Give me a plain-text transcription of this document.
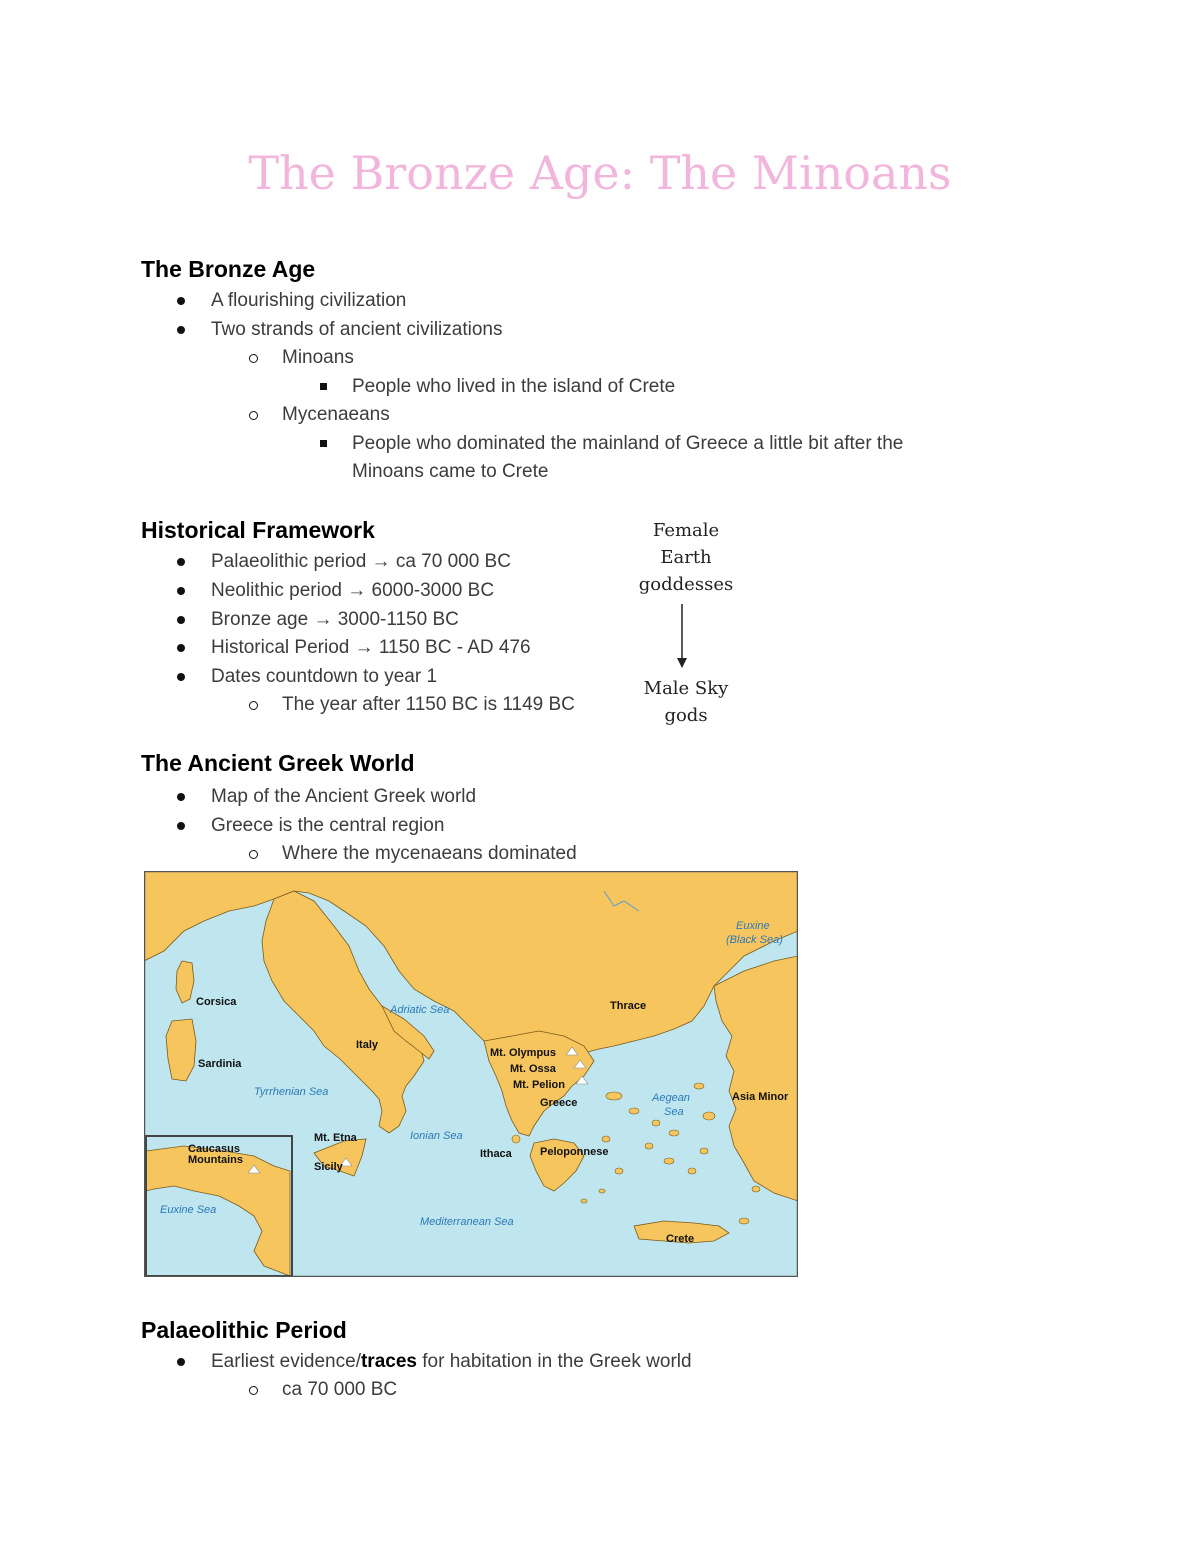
The Bronze Age: The Minoans
The Bronze Age
A flourishing civilization
Two strands of ancient civilizations
Minoans
People who lived in the island of Crete
Mycenaeans
People who dominated the mainland of Greece a little bit after the
Minoans came to Crete
Historical Framework
Palaeolithic period → ca 70 000 BC
Neolithic period → 6000-3000 BC
Bronze age → 3000-1150 BC
Historical Period → 1150 BC - AD 476
Dates countdown to year 1
The year after 1150 BC is 1149 BC
Female
Earth
goddesses
Male Sky
gods
The Ancient Greek World
Map of the Ancient Greek world
Greece is the central region
Where the mycenaeans dominated
Corsica
Sardinia
Italy
Thrace
Mt. Olympus
Mt. Ossa
Mt. Pelion
Greece	Asia Minor
Mt. Etna
Sicily
Ithaca	Peloponnese
Crete
Caucasus
Mountains
Euxine
(Black Sea)
Adriatic Sea
Tyrrhenian Sea
Ionian Sea
Aegean
Sea
Mediterranean Sea
Euxine Sea
Palaeolithic Period
Earliest evidence/traces for habitation in the Greek world
ca 70 000 BC
